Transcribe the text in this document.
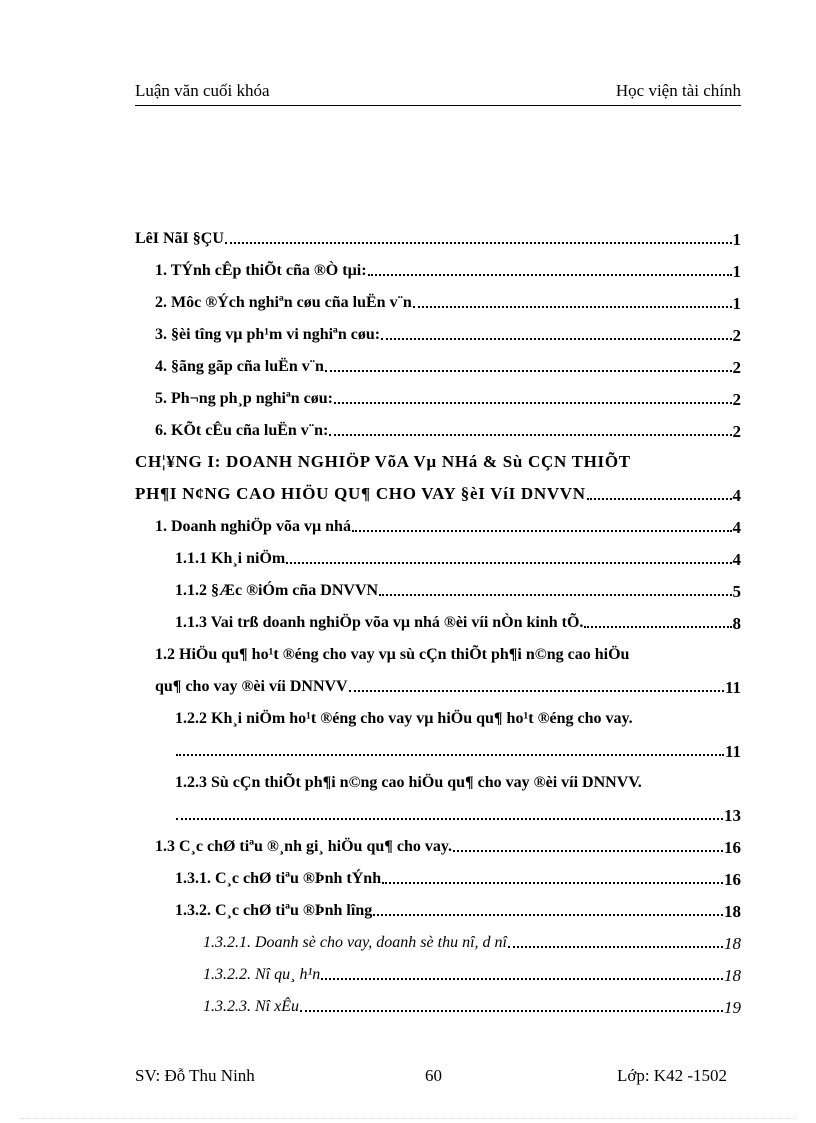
Luận văn cuối khóa	Học viện tài chính
LêI NãI §ÇU	1
1. TÝnh cÊp thiÕt cña ®Ò tµi:	1
2. Môc ®Ých nghiªn cøu cña luËn v¨n	1
3. §èi tîng vµ ph¹m vi nghiªn cøu:	2
4. §ãng gãp cña luËn v¨n	2
5. Ph¬ng ph¸p nghiªn cøu:	2
6. KÕt cÊu cña luËn v¨n:	2
CH¦¥NG I: DOANH NGHIÖP VõA Vµ NHá & Sù CÇN THIÕT
PH¶I N¢NG CAO HIÖU QU¶ CHO VAY §èI VíI DNVVN	4
1. Doanh nghiÖp võa vµ nhá	4
1.1.1 Kh¸i niÖm	4
1.1.2 §Æc ®iÓm cña DNVVN	5
1.1.3 Vai trß doanh nghiÖp võa vµ nhá ®èi víi nÒn kinh tÕ.	8
1.2 HiÖu qu¶ ho¹t ®éng cho vay vµ sù cÇn thiÕt ph¶i n©ng cao hiÖu
qu¶ cho vay ®èi víi DNNVV	11
1.2.2 Kh¸i niÖm ho¹t ®éng cho vay vµ hiÖu qu¶ ho¹t ®éng cho vay.
11
1.2.3 Sù cÇn thiÕt ph¶i n©ng cao hiÖu qu¶ cho vay ®èi víi DNNVV.
13
1.3 C¸c chØ tiªu ®¸nh gi¸ hiÖu qu¶ cho vay.	16
1.3.1. C¸c chØ tiªu ®Þnh tÝnh	16
1.3.2. C¸c chØ tiªu ®Þnh lîng	18
1.3.2.1. Doanh sè cho vay, doanh sè thu nî, d nî	18
1.3.2.2. Nî qu¸ h¹n	18
1.3.2.3. Nî xÊu	19
SV: Đỗ Thu Ninh	60	Lớp: K42 -1502
